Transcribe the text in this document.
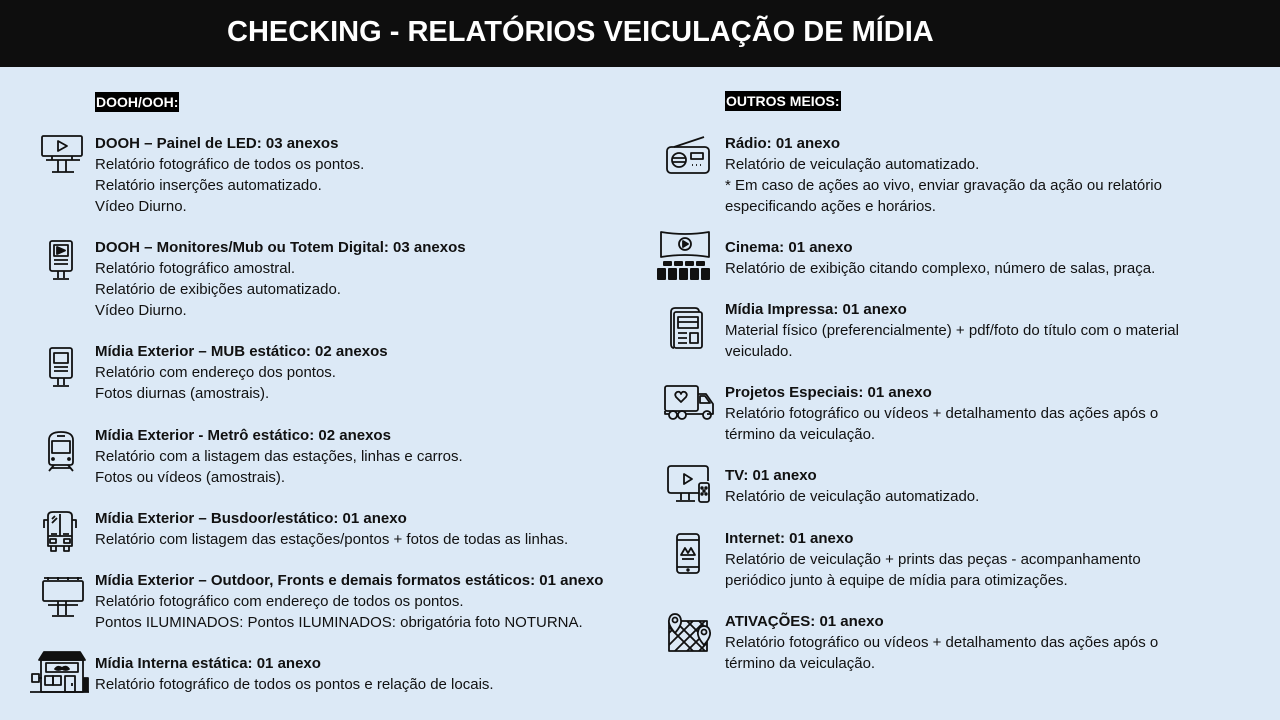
CHECKING - RELATÓRIOS VEICULAÇÃO DE MÍDIA
DOOH/OOH:
DOOH – Painel de LED: 03 anexos
Relatório fotográfico de todos os pontos.
Relatório inserções automatizado.
Vídeo Diurno.
DOOH – Monitores/Mub ou Totem Digital: 03 anexos
Relatório fotográfico amostral.
Relatório de exibições automatizado.
Vídeo Diurno.
Mídia Exterior – MUB estático: 02 anexos
Relatório com endereço dos pontos.
Fotos diurnas (amostrais).
Mídia Exterior - Metrô estático: 02 anexos
Relatório com a listagem das estações, linhas e carros.
Fotos ou vídeos (amostrais).
Mídia Exterior – Busdoor/estático: 01 anexo
Relatório com listagem das estações/pontos + fotos de todas as linhas.
Mídia Exterior – Outdoor, Fronts e demais formatos estáticos: 01 anexo
Relatório fotográfico com endereço de todos os pontos.
Pontos ILUMINADOS: Pontos ILUMINADOS: obrigatória foto NOTURNA.
Mídia Interna estática: 01 anexo
Relatório fotográfico de todos os pontos e relação de locais.
OUTROS MEIOS:
Rádio: 01 anexo
Relatório de veiculação automatizado.
* Em caso de ações ao vivo, enviar gravação da ação ou relatório
especificando ações e horários.
Cinema: 01 anexo
Relatório de exibição citando complexo, número de salas, praça.
Mídia Impressa: 01 anexo
Material físico (preferencialmente) + pdf/foto do título com o material
veiculado.
Projetos Especiais: 01 anexo
Relatório fotográfico ou vídeos + detalhamento das ações após o
término da veiculação.
TV: 01 anexo
Relatório de veiculação automatizado.
Internet: 01 anexo
Relatório de veiculação + prints das peças - acompanhamento
periódico junto à equipe de mídia para otimizações.
ATIVAÇÕES: 01 anexo
Relatório fotográfico ou vídeos + detalhamento das ações após o
término da veiculação.
